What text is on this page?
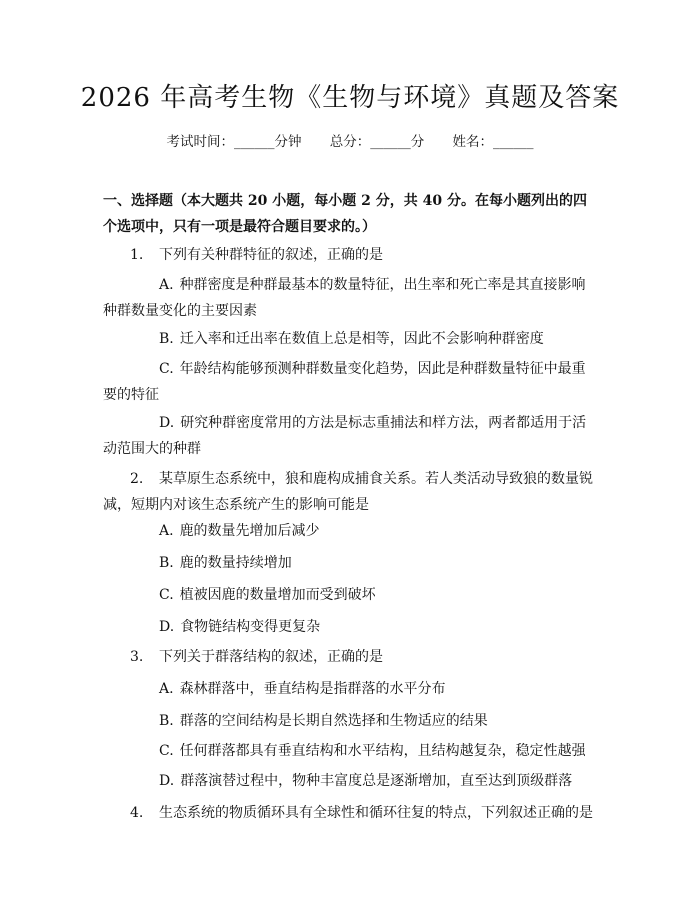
2026 年高考生物《生物与环境》真题及答案
考试时间：______分钟 总分：______分 姓名：______
一、选择题（本大题共 20 小题，每小题 2 分，共 40 分。在每小题列出的四个选项中，只有一项是最符合题目要求的。）
1. 下列有关种群特征的叙述，正确的是
A. 种群密度是种群最基本的数量特征，出生率和死亡率是其直接影响种群数量变化的主要因素
B. 迁入率和迁出率在数值上总是相等，因此不会影响种群密度
C. 年龄结构能够预测种群数量变化趋势，因此是种群数量特征中最重要的特征
D. 研究种群密度常用的方法是标志重捕法和样方法，两者都适用于活动范围大的种群
2. 某草原生态系统中，狼和鹿构成捕食关系。若人类活动导致狼的数量锐减，短期内对该生态系统产生的影响可能是
A. 鹿的数量先增加后减少
B. 鹿的数量持续增加
C. 植被因鹿的数量增加而受到破坏
D. 食物链结构变得更复杂
3. 下列关于群落结构的叙述，正确的是
A. 森林群落中，垂直结构是指群落的水平分布
B. 群落的空间结构是长期自然选择和生物适应的结果
C. 任何群落都具有垂直结构和水平结构，且结构越复杂，稳定性越强
D. 群落演替过程中，物种丰富度总是逐渐增加，直至达到顶级群落
4. 生态系统的物质循环具有全球性和循环往复的特点，下列叙述正确的是
